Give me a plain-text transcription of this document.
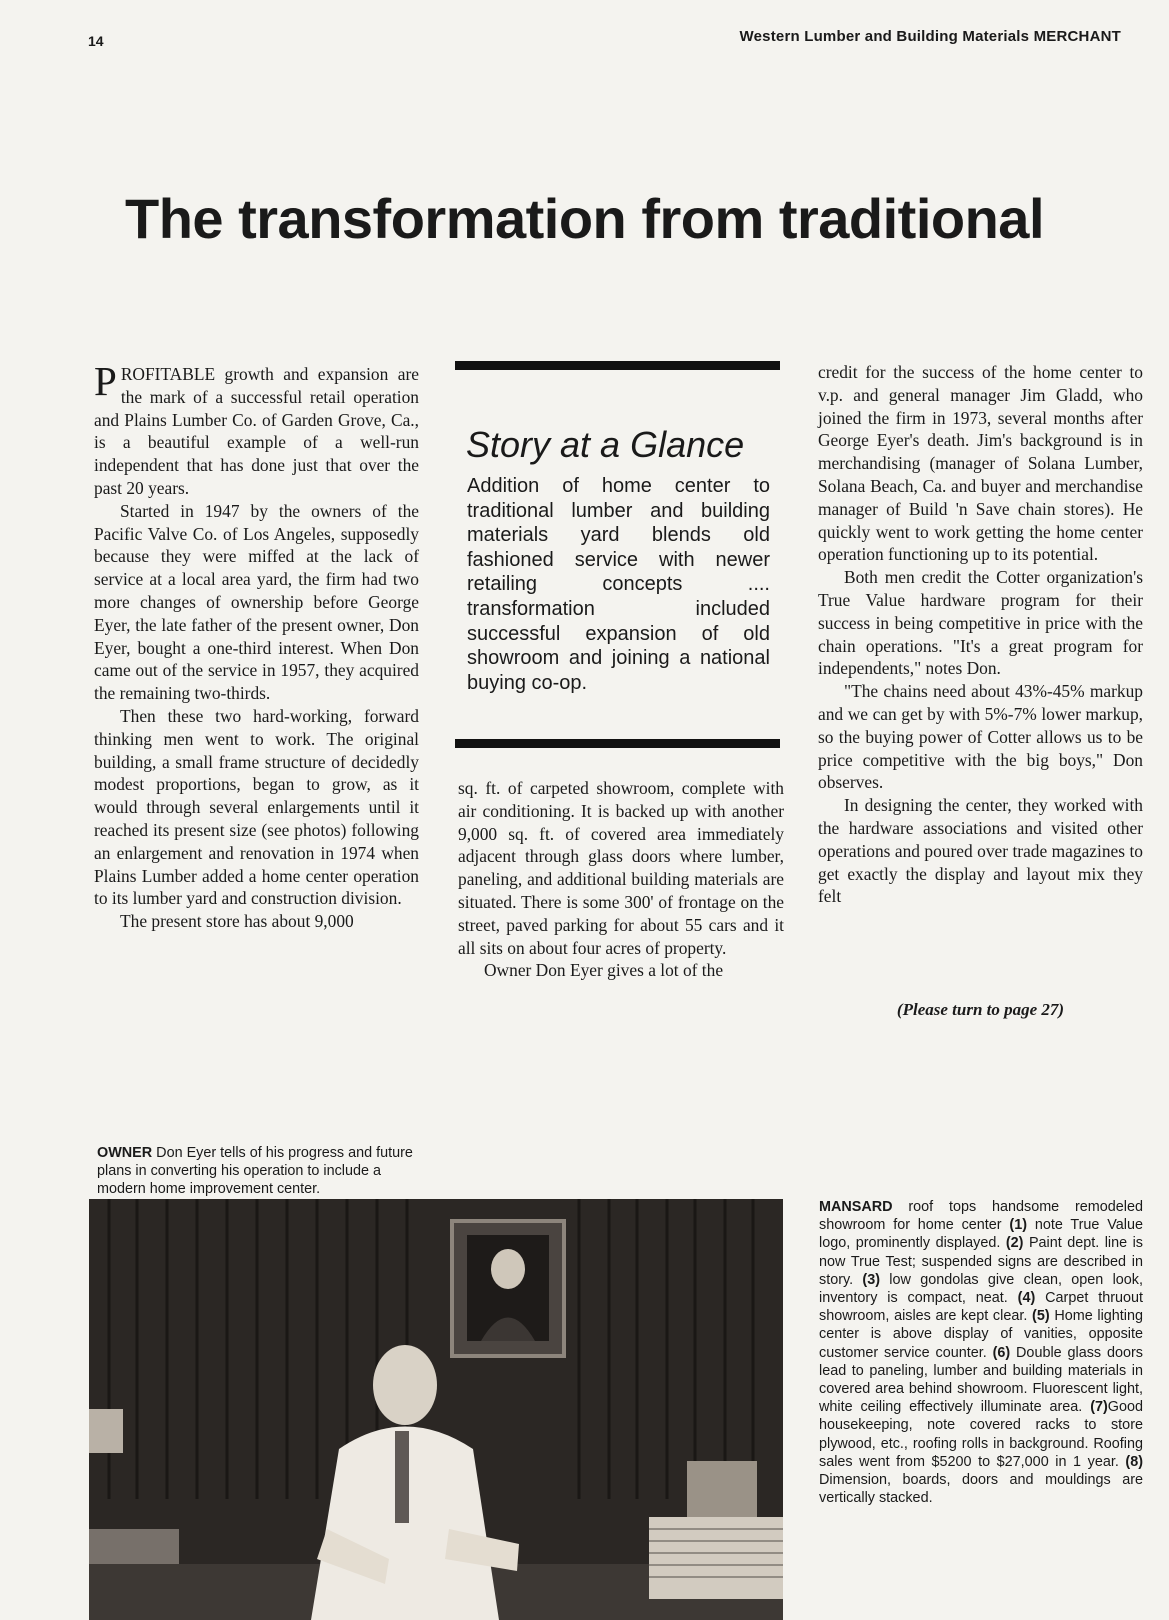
14	Western Lumber and Building Materials MERCHANT
The transformation from traditional

PROFITABLE growth and expansion are the mark of a successful retail operation and Plains Lumber Co. of Garden Grove, Ca., is a beautiful example of a well-run independent that has done just that over the past 20 years.

Started in 1947 by the owners of the Pacific Valve Co. of Los Angeles, supposedly because they were miffed at the lack of service at a local area yard, the firm had two more changes of ownership before George Eyer, the late father of the present owner, Don Eyer, bought a one-third interest. When Don came out of the service in 1957, they acquired the remaining two-thirds.

Then these two hard-working, forward thinking men went to work. The original building, a small frame structure of decidedly modest proportions, began to grow, as it would through several enlargements until it reached its present size (see photos) following an enlargement and renovation in 1974 when Plains Lumber added a home center operation to its lumber yard and construction division.

The present store has about 9,000

Story at a Glance
Addition of home center to traditional lumber and building materials yard blends old fashioned service with newer retailing concepts .... transformation included successful expansion of old showroom and joining a national buying co-op.

sq. ft. of carpeted showroom, complete with air conditioning. It is backed up with another 9,000 sq. ft. of covered area immediately adjacent through glass doors where lumber, paneling, and additional building materials are situated. There is some 300' of frontage on the street, paved parking for about 55 cars and it all sits on about four acres of property.

Owner Don Eyer gives a lot of the

credit for the success of the home center to v.p. and general manager Jim Gladd, who joined the firm in 1973, several months after George Eyer's death. Jim's background is in merchandising (manager of Solana Lumber, Solana Beach, Ca. and buyer and merchandise manager of Build 'n Save chain stores). He quickly went to work getting the home center operation functioning up to its potential.

Both men credit the Cotter organization's True Value hardware program for their success in being competitive in price with the chain operations. "It's a great program for independents," notes Don.

"The chains need about 43%-45% markup and we can get by with 5%-7% lower markup, so the buying power of Cotter allows us to be price competitive with the big boys," Don observes.

In designing the center, they worked with the hardware associations and visited other operations and poured over trade magazines to get exactly the display and layout mix they felt

(Please turn to page 27)
OWNER Don Eyer tells of his progress and future plans in converting his operation to include a modern home improvement center.
MANSARD roof tops handsome remodeled showroom for home center (1) note True Value logo, prominently displayed. (2) Paint dept. line is now True Test; suspended signs are described in story. (3) low gondolas give clean, open look, inventory is compact, neat. (4) Carpet thruout showroom, aisles are kept clear. (5) Home lighting center is above display of vanities, opposite customer service counter. (6) Double glass doors lead to paneling, lumber and building materials in covered area behind showroom. Fluorescent light, white ceiling effectively illuminate area. (7)Good housekeeping, note covered racks to store plywood, etc., roofing rolls in background. Roofing sales went from $5200 to $27,000 in 1 year. (8) Dimension, boards, doors and mouldings are vertically stacked.
